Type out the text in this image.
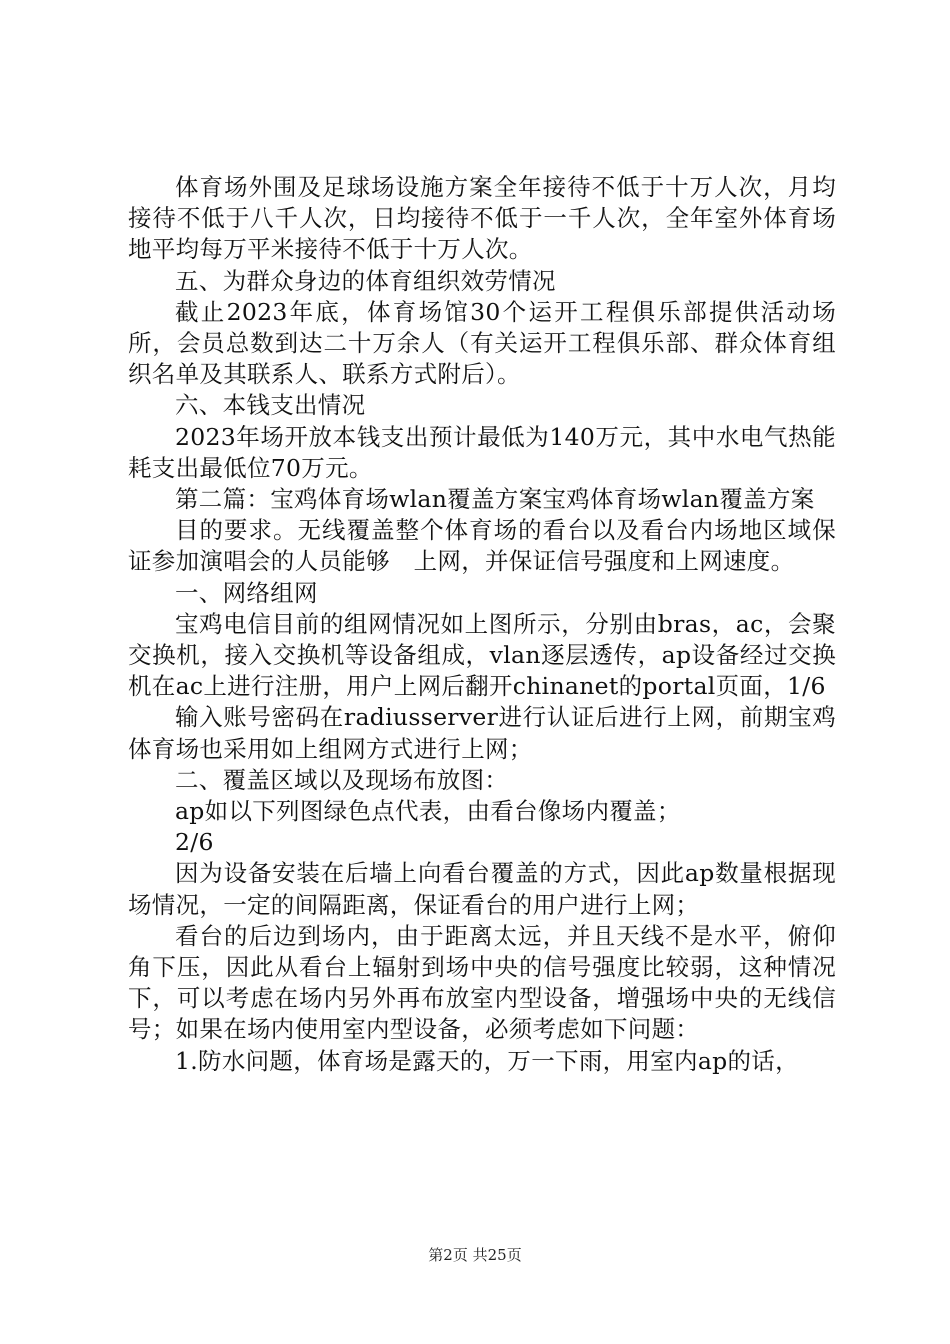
体育场外围及足球场设施方案全年接待不低于十万人次，月均接待不低于八千人次，日均接待不低于一千人次，全年室外体育场地平均每万平米接待不低于十万人次。

五、为群众身边的体育组织效劳情况

截止2023年底，体育场馆30个运开工程俱乐部提供活动场所，会员总数到达二十万余人（有关运开工程俱乐部、群众体育组织名单及其联系人、联系方式附后）。

六、本钱支出情况

2023年场开放本钱支出预计最低为140万元，其中水电气热能耗支出最低位70万元。

第二篇：宝鸡体育场wlan覆盖方案宝鸡体育场wlan覆盖方案

目的要求。无线覆盖整个体育场的看台以及看台内场地区域保证参加演唱会的人员能够　上网，并保证信号强度和上网速度。

一、网络组网

宝鸡电信目前的组网情况如上图所示，分别由bras，ac，会聚交换机，接入交换机等设备组成，vlan逐层透传，ap设备经过交换机在ac上进行注册，用户上网后翻开chinanet的portal页面，1/6

输入账号密码在radiusserver进行认证后进行上网，前期宝鸡体育场也采用如上组网方式进行上网；

二、覆盖区域以及现场布放图：

ap如以下列图绿色点代表，由看台像场内覆盖；

2/6

因为设备安装在后墙上向看台覆盖的方式，因此ap数量根据现场情况，一定的间隔距离，保证看台的用户进行上网；

看台的后边到场内，由于距离太远，并且天线不是水平，俯仰角下压，因此从看台上辐射到场中央的信号强度比较弱，这种情况下，可以考虑在场内另外再布放室内型设备，增强场中央的无线信号；如果在场内使用室内型设备，必须考虑如下问题：

1.防水问题，体育场是露天的，万一下雨，用室内ap的话，

第2页 共25页
